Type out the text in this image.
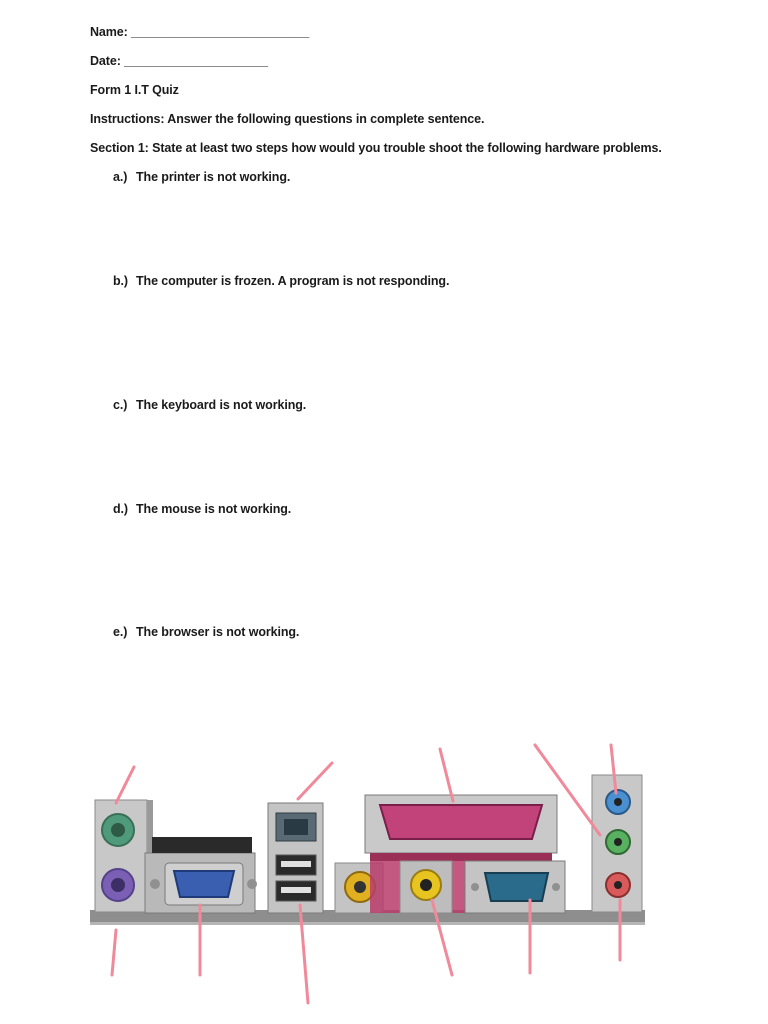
Name: __________________________
Date: _____________________
Form 1 I.T Quiz
Instructions: Answer the following questions in complete sentence.
Section 1: State at least two steps how would you trouble shoot the following hardware problems.
a.) The printer is not working.
b.) The computer is frozen. A program is not responding.
c.) The keyboard is not working.
d.) The mouse is not working.
e.) The browser is not working.
